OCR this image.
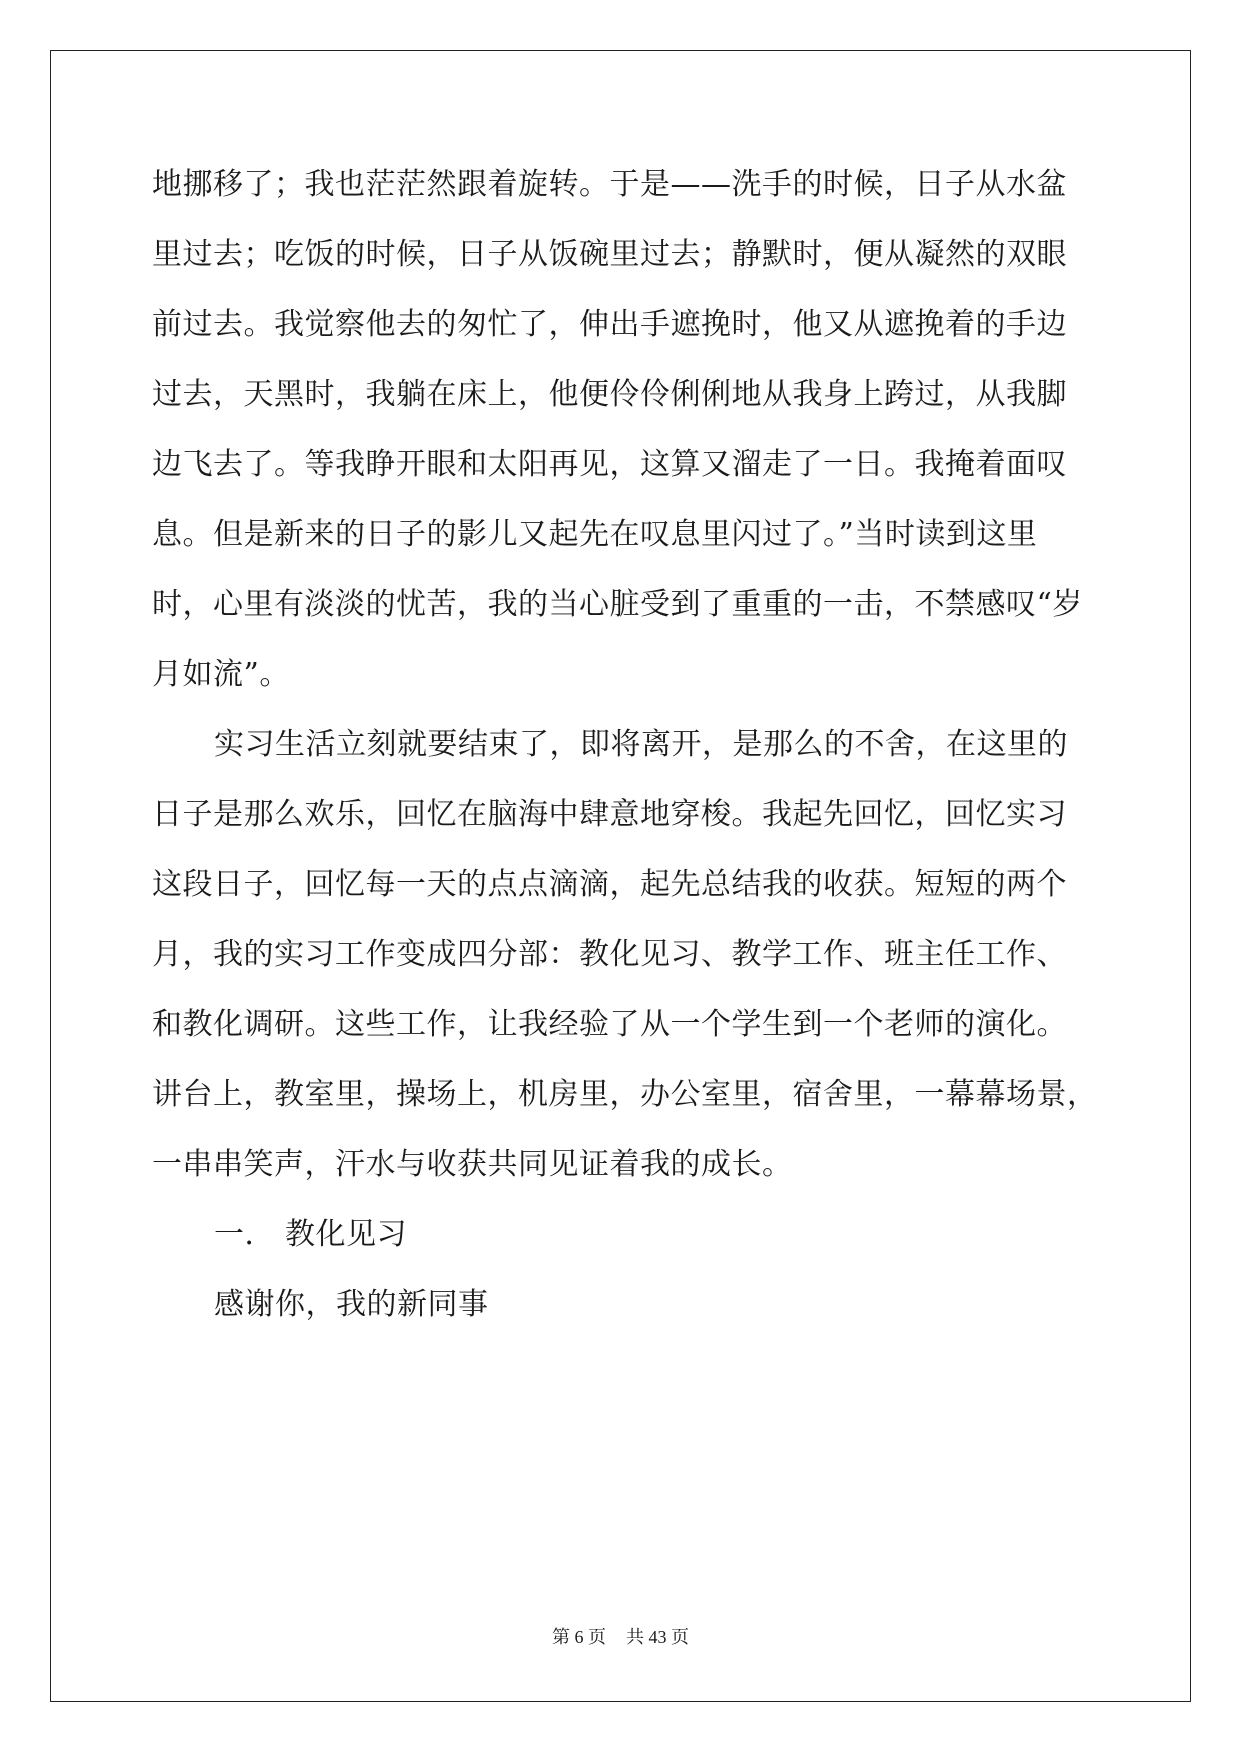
地挪移了；我也茫茫然跟着旋转。于是——洗手的时候，日子从水盆
里过去；吃饭的时候，日子从饭碗里过去；静默时，便从凝然的双眼
前过去。我觉察他去的匆忙了，伸出手遮挽时，他又从遮挽着的手边
过去，天黑时，我躺在床上，他便伶伶俐俐地从我身上跨过，从我脚
边飞去了。等我睁开眼和太阳再见，这算又溜走了一日。我掩着面叹
息。但是新来的日子的影儿又起先在叹息里闪过了。”当时读到这里
时，心里有淡淡的忧苦，我的当心脏受到了重重的一击，不禁感叹“岁
月如流”。
实习生活立刻就要结束了，即将离开，是那么的不舍，在这里的
日子是那么欢乐，回忆在脑海中肆意地穿梭。我起先回忆，回忆实习
这段日子，回忆每一天的点点滴滴，起先总结我的收获。短短的两个
月，我的实习工作变成四分部：教化见习、教学工作、班主任工作、
和教化调研。这些工作，让我经验了从一个学生到一个老师的演化。
讲台上，教室里，操场上，机房里，办公室里，宿舍里，一幕幕场景，
一串串笑声，汗水与收获共同见证着我的成长。
一． 教化见习
感谢你，我的新同事
第 6 页 共 43 页
